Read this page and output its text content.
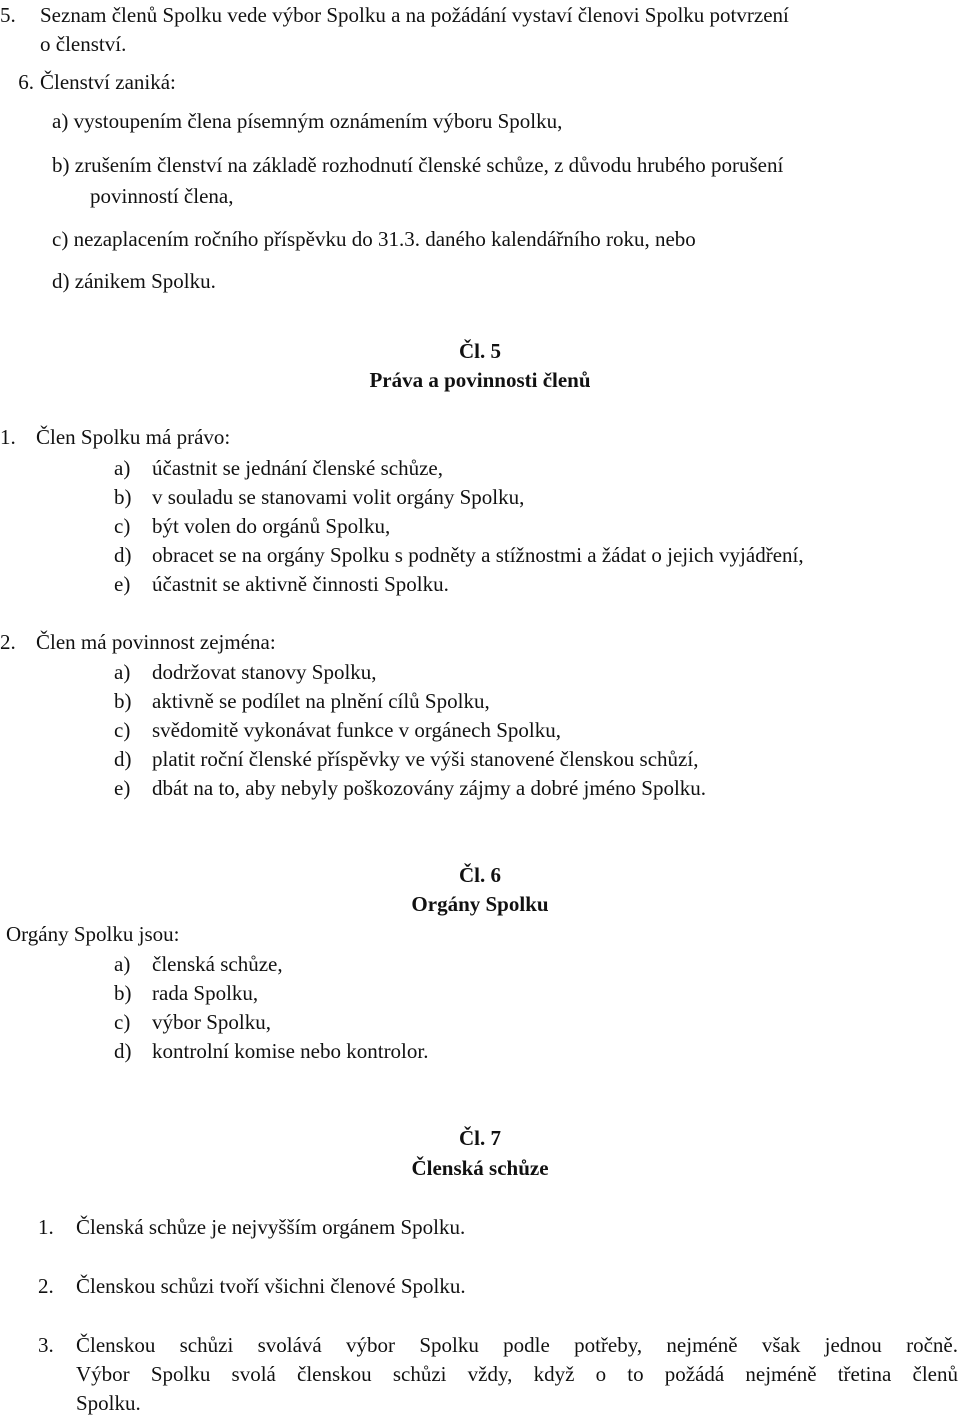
5. Seznam členů Spolku vede výbor Spolku a na požádání vystaví členovi Spolku potvrzení
o členství.
6. Členství zaniká:
a) vystoupením člena písemným oznámením výboru Spolku,
b) zrušením členství na základě rozhodnutí členské schůze, z důvodu hrubého porušení
povinností člena,
c) nezaplacením ročního příspěvku do 31.3. daného kalendářního roku, nebo
d) zánikem Spolku.
Čl. 5
Práva a povinnosti členů
1. Člen Spolku má právo:
a) účastnit se jednání členské schůze,
b) v souladu se stanovami volit orgány Spolku,
c) být volen do orgánů Spolku,
d) obracet se na orgány Spolku s podněty a stížnostmi a žádat o jejich vyjádření,
e) účastnit se aktivně činnosti Spolku.
2. Člen má povinnost zejména:
a) dodržovat stanovy Spolku,
b) aktivně se podílet na plnění cílů Spolku,
c) svědomitě vykonávat funkce v orgánech Spolku,
d) platit roční členské příspěvky ve výši stanovené členskou schůzí,
e) dbát na to, aby nebyly poškozovány zájmy a dobré jméno Spolku.
Čl. 6
Orgány Spolku
Orgány Spolku jsou:
a) členská schůze,
b) rada Spolku,
c) výbor Spolku,
d) kontrolní komise nebo kontrolor.
Čl. 7
Členská schůze
1. Členská schůze je nejvyšším orgánem Spolku.
2. Členskou schůzi tvoří všichni členové Spolku.
3.	Členskou schůzi svolává výbor Spolku podle potřeby, nejméně však jednou ročně.
Výbor Spolku svolá členskou schůzi vždy, když o to požádá nejméně třetina členů
Spolku.
